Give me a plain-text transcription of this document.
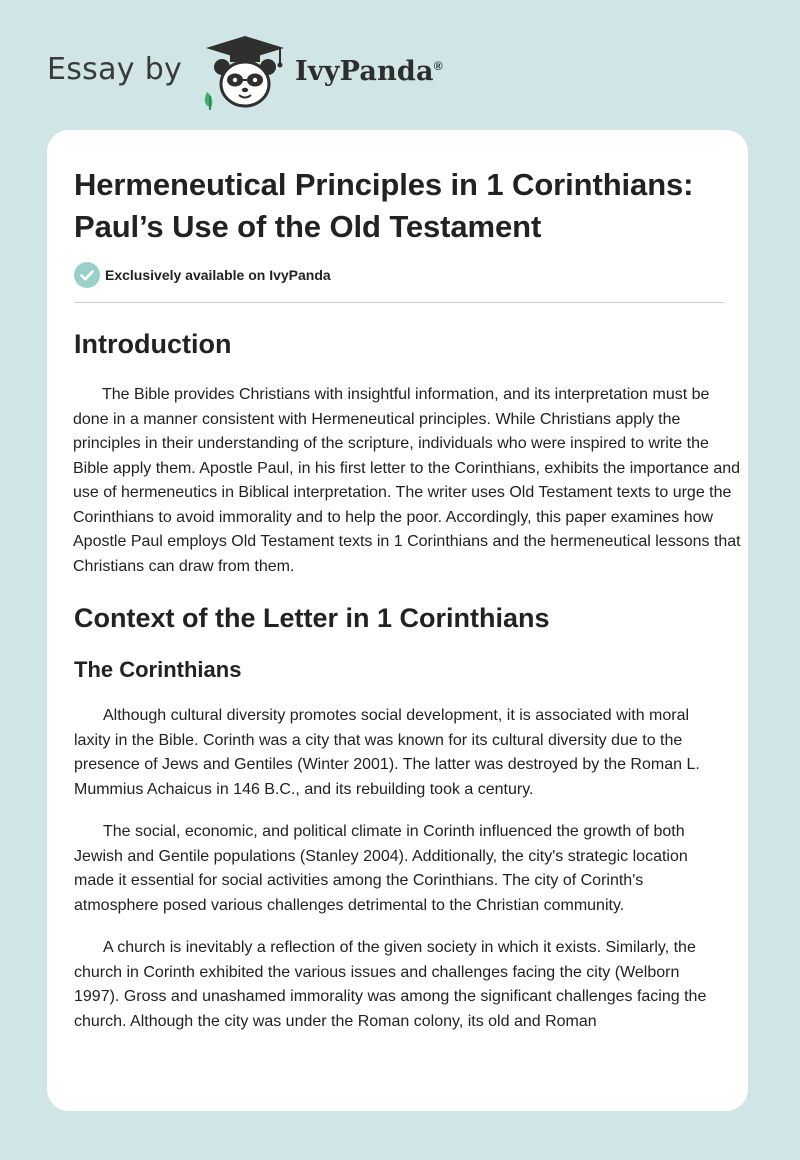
Essay by	IvyPanda®
Hermeneutical Principles in 1 Corinthians: Paul’s Use of the Old Testament
Exclusively available on IvyPanda
Introduction

The Bible provides Christians with insightful information, and its interpretation must be done in a manner consistent with Hermeneutical principles. While Christians apply the principles in their understanding of the scripture, individuals who were inspired to write the Bible apply them. Apostle Paul, in his first letter to the Corinthians, exhibits the importance and use of hermeneutics in Biblical interpretation. The writer uses Old Testament texts to urge the Corinthians to avoid immorality and to help the poor. Accordingly, this paper examines how Apostle Paul employs Old Testament texts in 1 Corinthians and the hermeneutical lessons that Christians can draw from them.

Context of the Letter in 1 Corinthians
The Corinthians

Although cultural diversity promotes social development, it is associated with moral laxity in the Bible. Corinth was a city that was known for its cultural diversity due to the presence of Jews and Gentiles (Winter 2001). The latter was destroyed by the Roman L. Mummius Achaicus in 146 B.C., and its rebuilding took a century.

The social, economic, and political climate in Corinth influenced the growth of both Jewish and Gentile populations (Stanley 2004). Additionally, the city's strategic location made it essential for social activities among the Corinthians. The city of Corinth's atmosphere posed various challenges detrimental to the Christian community.

A church is inevitably a reflection of the given society in which it exists. Similarly, the church in Corinth exhibited the various issues and challenges facing the city (Welborn 1997). Gross and unashamed immorality was among the significant challenges facing the church. Although the city was under the Roman colony, its old and Roman
